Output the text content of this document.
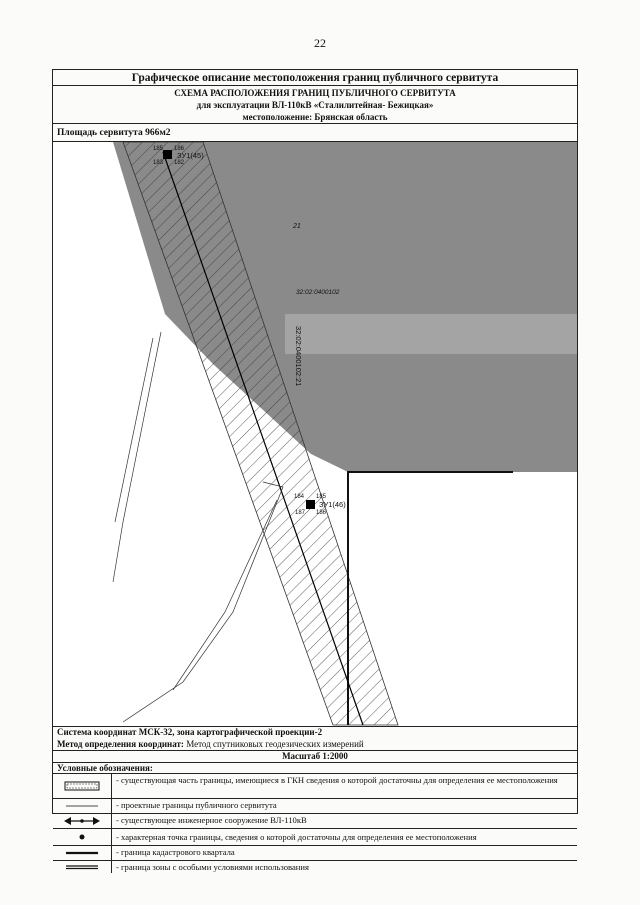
22
Графическое описание местоположения границ публичного сервитута
СХЕМА РАСПОЛОЖЕНИЯ ГРАНИЦ ПУБЛИЧНОГО СЕРВИТУТА
для эксплуатации ВЛ-110кВ «Сталилитейная- Бежицкая»
местоположение: Брянская область
Площадь сервитута 966м2
185 186
183 182
ЗУ1(45)
184 185
187 186
ЗУ1(46)
21
32:02:0400102
32:02:0400102:21
Система координат МСК-32, зона картографической проекции-2
Метод определения координат: Метод спутниковых геодезических измерений
Масштаб 1:2000
Условные обозначения:
- существующая часть границы, имеющиеся в ГКН сведения о которой достаточны для определения ее местоположения
- проектные границы публичного сервитута
- существующее инженерное сооружение ВЛ-110кВ
- характерная точка границы, сведения о которой достаточны для определения ее местоположения
- граница кадастрового квартала
- граница зоны с особыми условиями использования
